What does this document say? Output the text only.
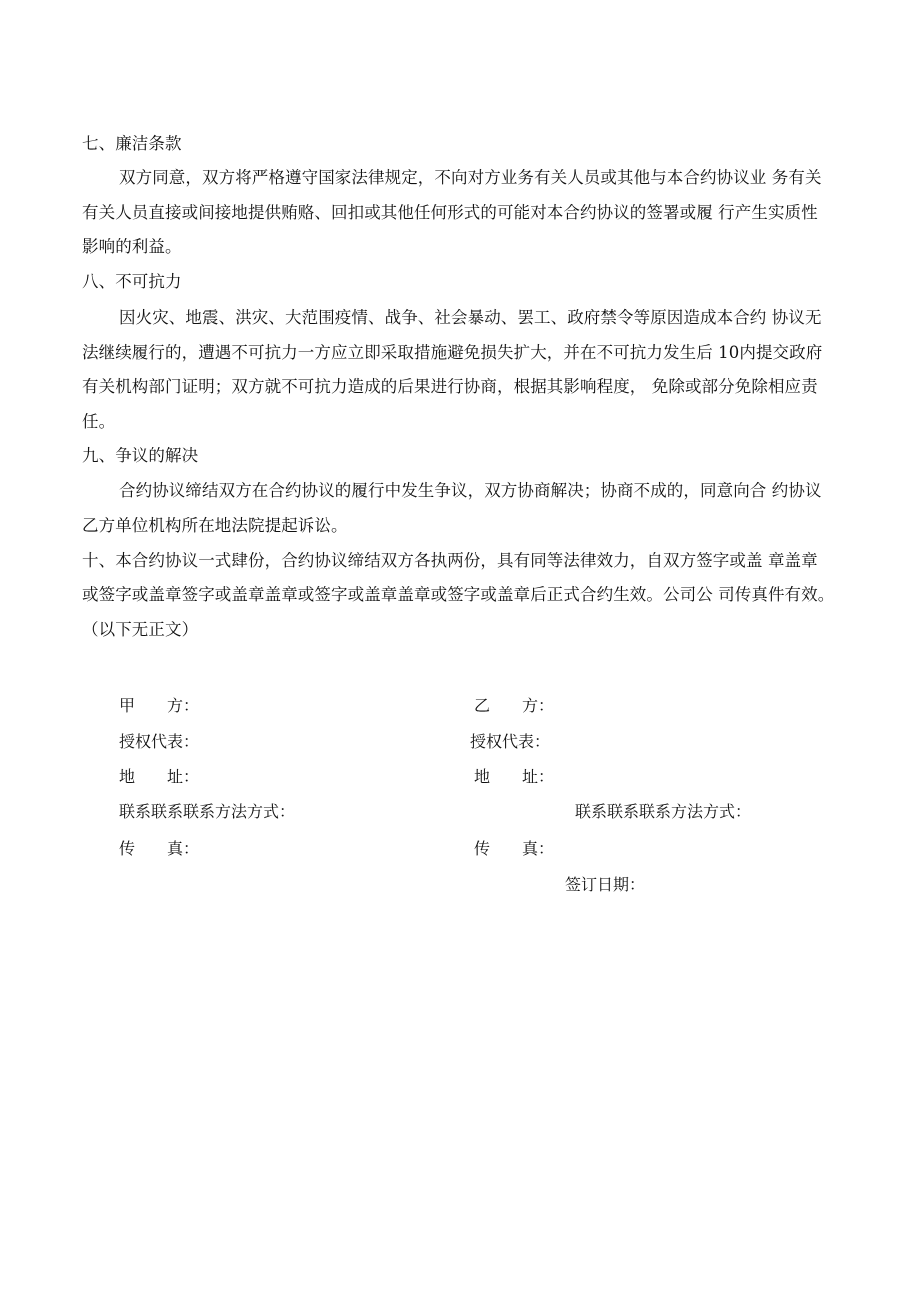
七、廉洁条款
双方同意，双方将严格遵守国家法律规定，不向对方业务有关人员或其他与本合约协议业 务有关
有关人员直接或间接地提供贿赂、回扣或其他任何形式的可能对本合约协议的签署或履 行产生实质性
影响的利益。
八、不可抗力
因火灾、地震、洪灾、大范围疫情、战争、社会暴动、罢工、政府禁令等原因造成本合约 协议无
法继续履行的，遭遇不可抗力一方应立即采取措施避免损失扩大，并在不可抗力发生后 10内提交政府
有关机构部门证明；双方就不可抗力造成的后果进行协商，根据其影响程度， 免除或部分免除相应责
任。
九、争议的解决
合约协议缔结双方在合约协议的履行中发生争议，双方协商解决；协商不成的，同意向合 约协议
乙方单位机构所在地法院提起诉讼。
十、本合约协议一式肆份，合约协议缔结双方各执两份，具有同等法律效力，自双方签字或盖 章盖章
或签字或盖章签字或盖章盖章或签字或盖章盖章或签字或盖章后正式合约生效。公司公 司传真件有效。
（以下无正文）
甲　　方：	乙　　方：
授权代表：	授权代表：
地　　址：	地　　址：
联系联系联系方法方式：	联系联系联系方法方式：
传　　真：	传　　真：
签订日期：
